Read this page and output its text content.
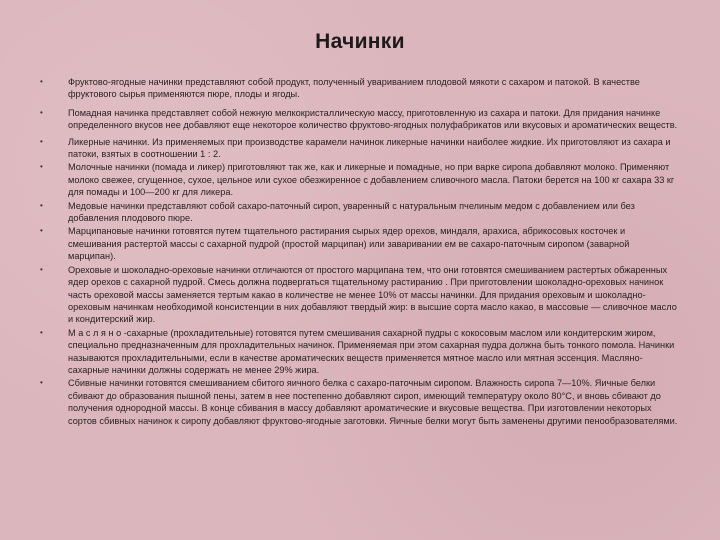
Начинки
•	Фруктово-ягодные начинки представляют собой продукт, полученный увариванием плодовой мякоти с сахаром и патокой. В качестве фруктового сырья применяются пюре, плоды и ягоды.
•	Помадная начинка представляет собой нежную мелкокристаллическую массу, приготовленную из сахара и патоки. Для придания начинке определенного вкусов нее добавляют еще некоторое количество фруктово-ягодных полуфабрикатов или вкусовых и ароматических веществ.
•	Ликерные начинки. Из применяемых при производстве карамели начинок ликерные начинки наиболее жидкие. Их приготовляют из сахара и патоки, взятых в соотношении 1 : 2.
•	Молочные начинки (помада и ликер) приготовляют так же, как и ликерные и помадные, но при варке сиропа добавляют молоко. Применяют молоко свежее, сгущенное, сухое, цельное или сухое обезжиренное с добавлением сливочного масла. Патоки берется на 100 кг сахара 33 кг для помады и 100—200 кг для ликера.
•	Медовые начинки представляют собой сахаро-паточный сироп, уваренный с натуральным пчелиным медом с добавлением или без добавления плодового пюре.
•	Марципановые начинки готовятся путем тщательного растирания сырых ядер орехов, миндаля, арахиса, абрикосовых косточек и смешивания растертой массы с сахарной пудрой (простой марципан) или заваривании ем ве сахаро-паточным сиропом (заварной марципан).
•	Ореховые и шоколадно-ореховые начинки отличаются от простого марципана тем, что они готовятся смешиванием растертых обжаренных ядер орехов с сахарной пудрой. Смесь должна подвергаться тщательному растиранию . При приготовлении шоколадно-ореховых начинок часть ореховой массы заменяется тертым какао в количестве не менее 10% от массы начинки. Для придания ореховым и шоколадно-ореховым начинкам необходимой консистенции в них добавляют твердый жир: в высшие сорта масло какао, в массовые — сливочное масло и кондитерский жир.
•	М а с л я н о -сахарные (прохладительные) готовятся путем смешивания сахарной пудры с кокосовым маслом или кондитерским жиром, специально предназначенным для прохладительных начинок. Применяемая при этом сахарная пудра должна быть тонкого помола. Начинки называются прохладительными, если в качестве ароматических веществ применяется мятное масло или мятная эссенция. Масляно-сахарные начинки должны содержать не менее 29% жира.
•	Сбивные начинки готовятся смешиванием сбитого яичного белка с сахаро-паточным сиропом. Влажность сиропа 7—10%. Яичные белки сбивают до образования пышной пены, затем в нее постепенно добавляют сироп, имеющий температуру около 80°С, и вновь сбивают до получения однородной массы. В конце сбивания в массу добавляют ароматические и вкусовые вещества. При изготовлении некоторых сортов сбивных начинок к сиропу добавляют фруктово-ягодные заготовки. Яичные белки могут быть заменены другими пенообразователями.
